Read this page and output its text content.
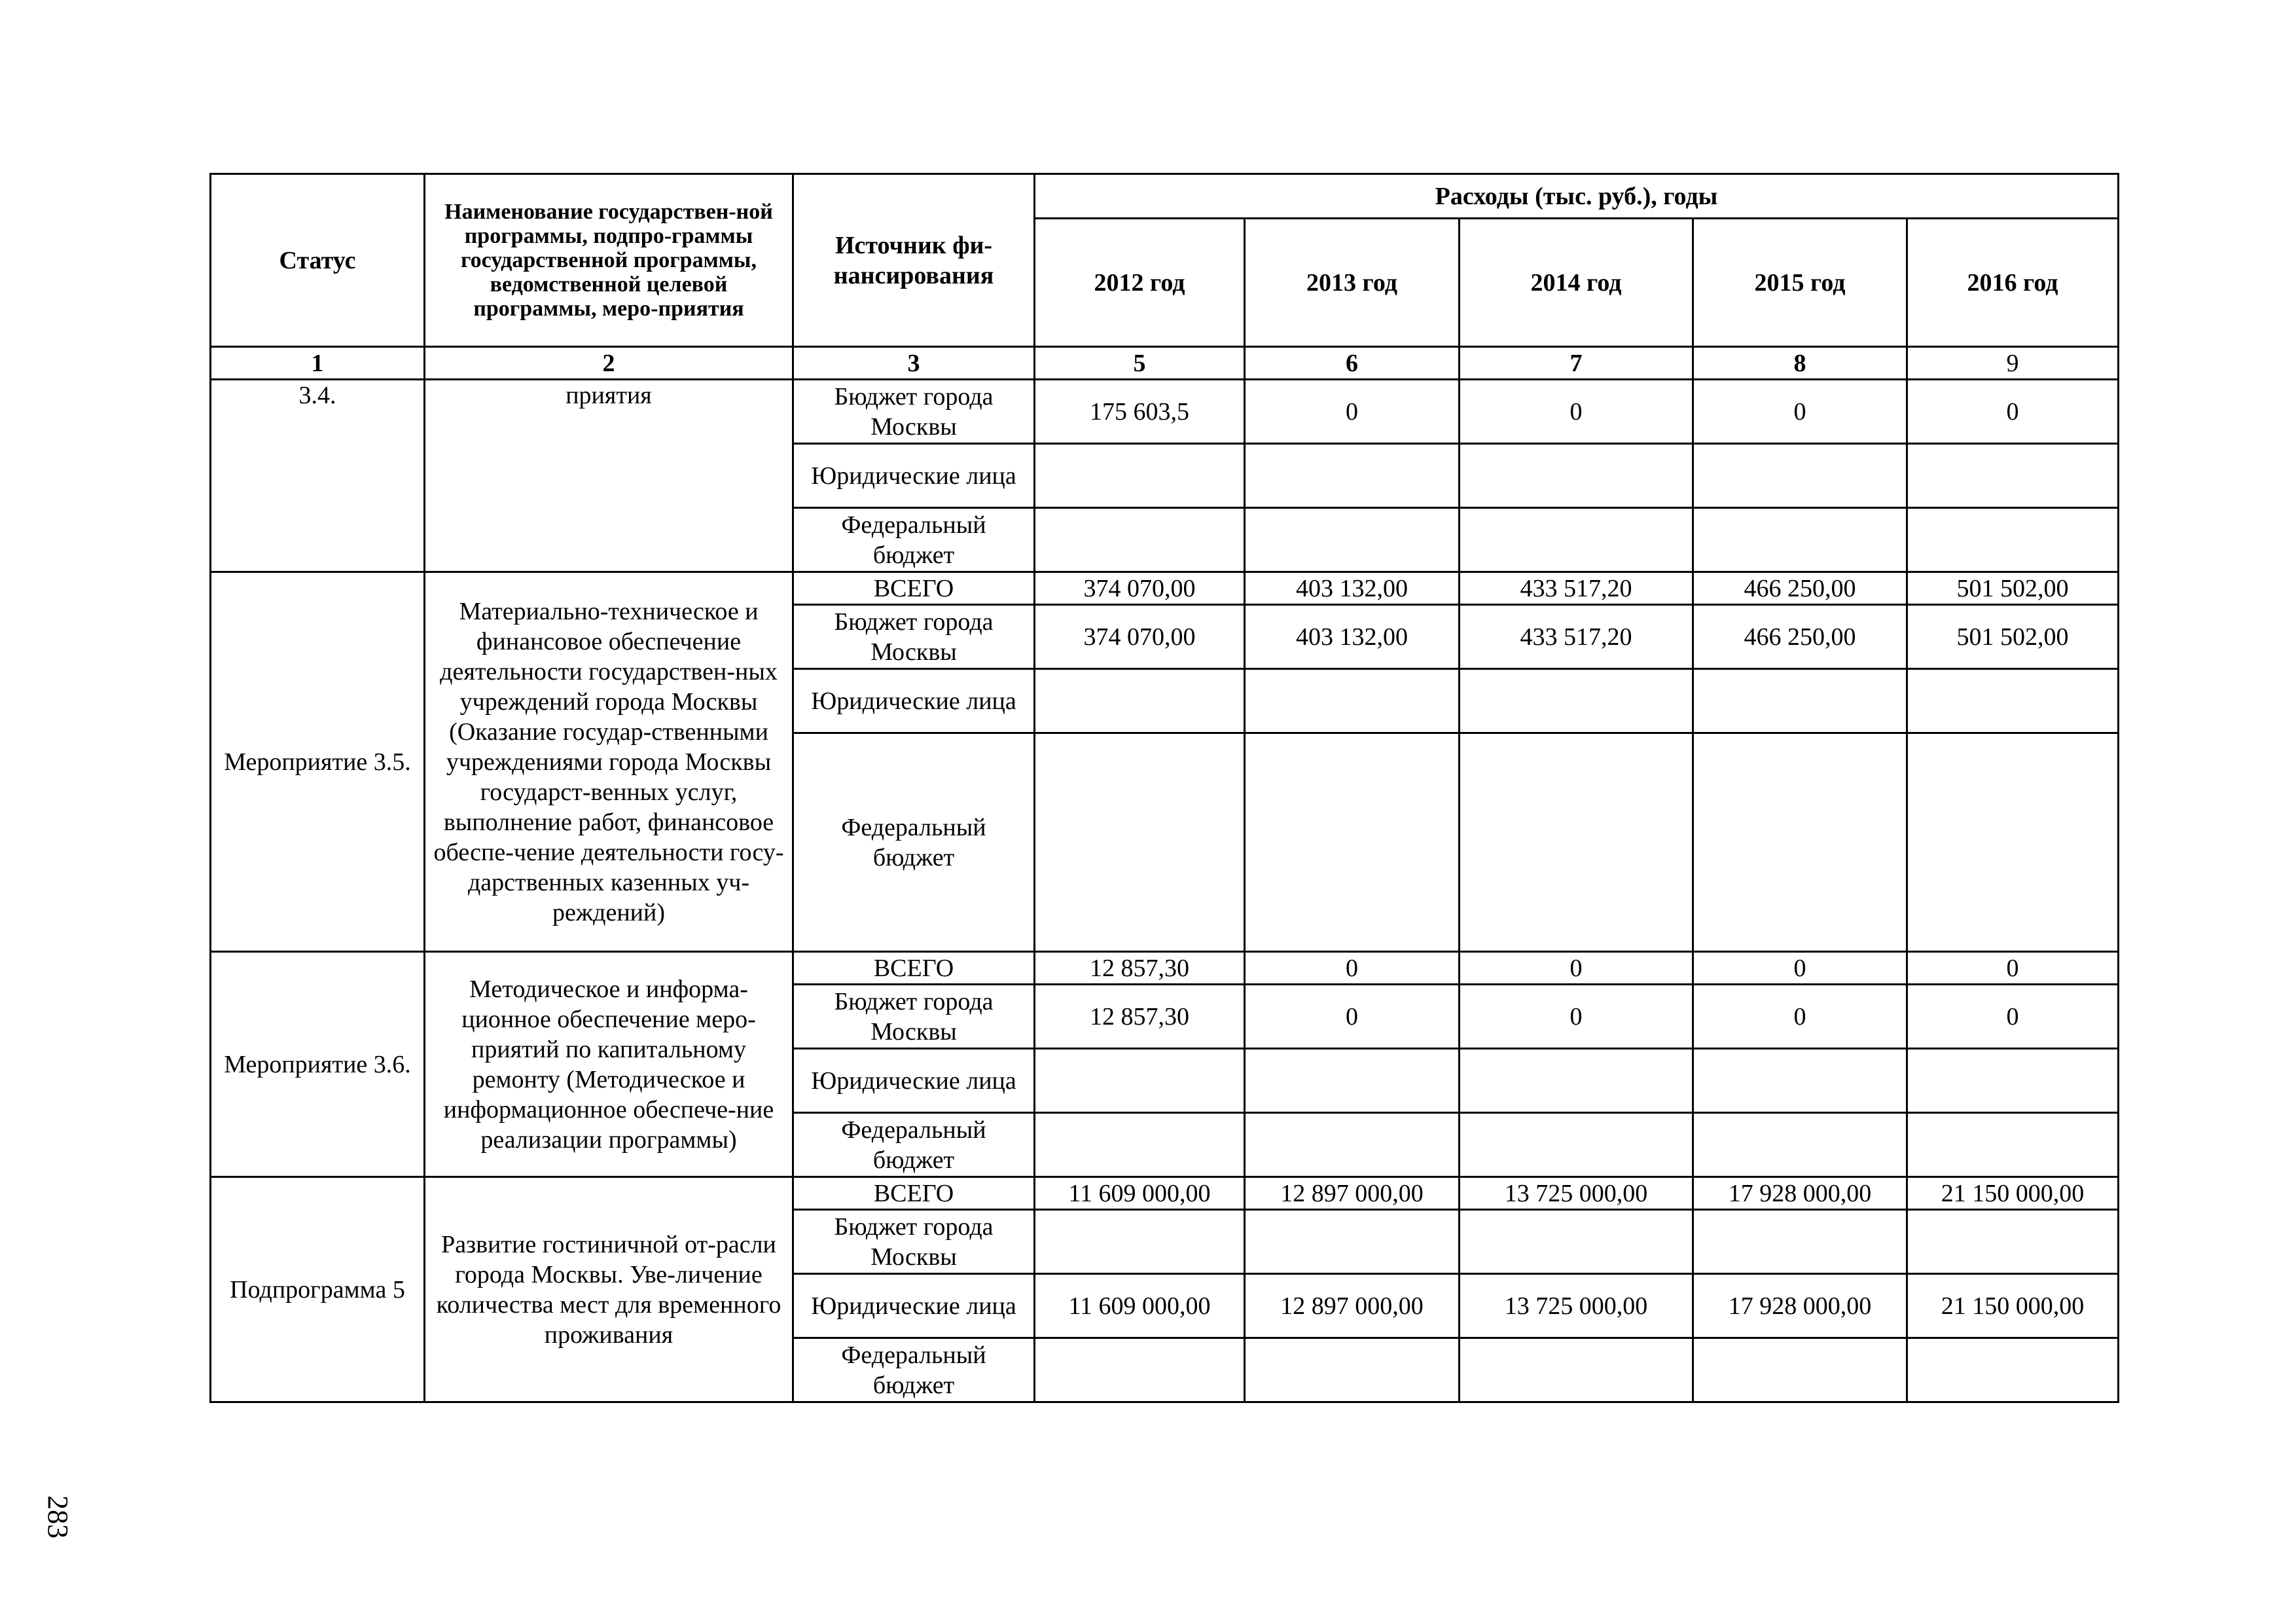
Статус	Наименование государствен-ной программы, подпро-граммы государственной программы, ведомственной целевой программы, меро-приятия	Источник фи-нансирования	Расходы (тыс. руб.), годы				
			2012 год	2013 год	2014 год	2015 год	2016 год
1	2	3	5	6	7	8	9
3.4.	приятия	Бюджет города Москвы	175 603,5	0	0	0	0
		Юридические лица					
		Федеральный бюджет					
Мероприятие 3.5.	Материально-техническое и финансовое обеспечение деятельности государствен-ных учреждений города Москвы (Оказание государ-ственными учреждениями города Москвы государст-венных услуг, выполнение работ, финансовое обеспе-чение деятельности госу-дарственных казенных уч-реждений)	ВСЕГО	374 070,00	403 132,00	433 517,20	466 250,00	501 502,00
		Бюджет города Москвы	374 070,00	403 132,00	433 517,20	466 250,00	501 502,00
		Юридические лица					
		Федеральный бюджет					
Мероприятие 3.6.	Методическое и информа-ционное обеспечение меро-приятий по капитальному ремонту (Методическое и информационное обеспече-ние реализации программы)	ВСЕГО	12 857,30	0	0	0	0
		Бюджет города Москвы	12 857,30	0	0	0	0
		Юридические лица					
		Федеральный бюджет					
Подпрограмма 5	Развитие гостиничной от-расли города Москвы. Уве-личение количества мест для временного проживания	ВСЕГО	11 609 000,00	12 897 000,00	13 725 000,00	17 928 000,00	21 150 000,00
		Бюджет города Москвы					
		Юридические лица	11 609 000,00	12 897 000,00	13 725 000,00	17 928 000,00	21 150 000,00
		Федеральный бюджет					
283
